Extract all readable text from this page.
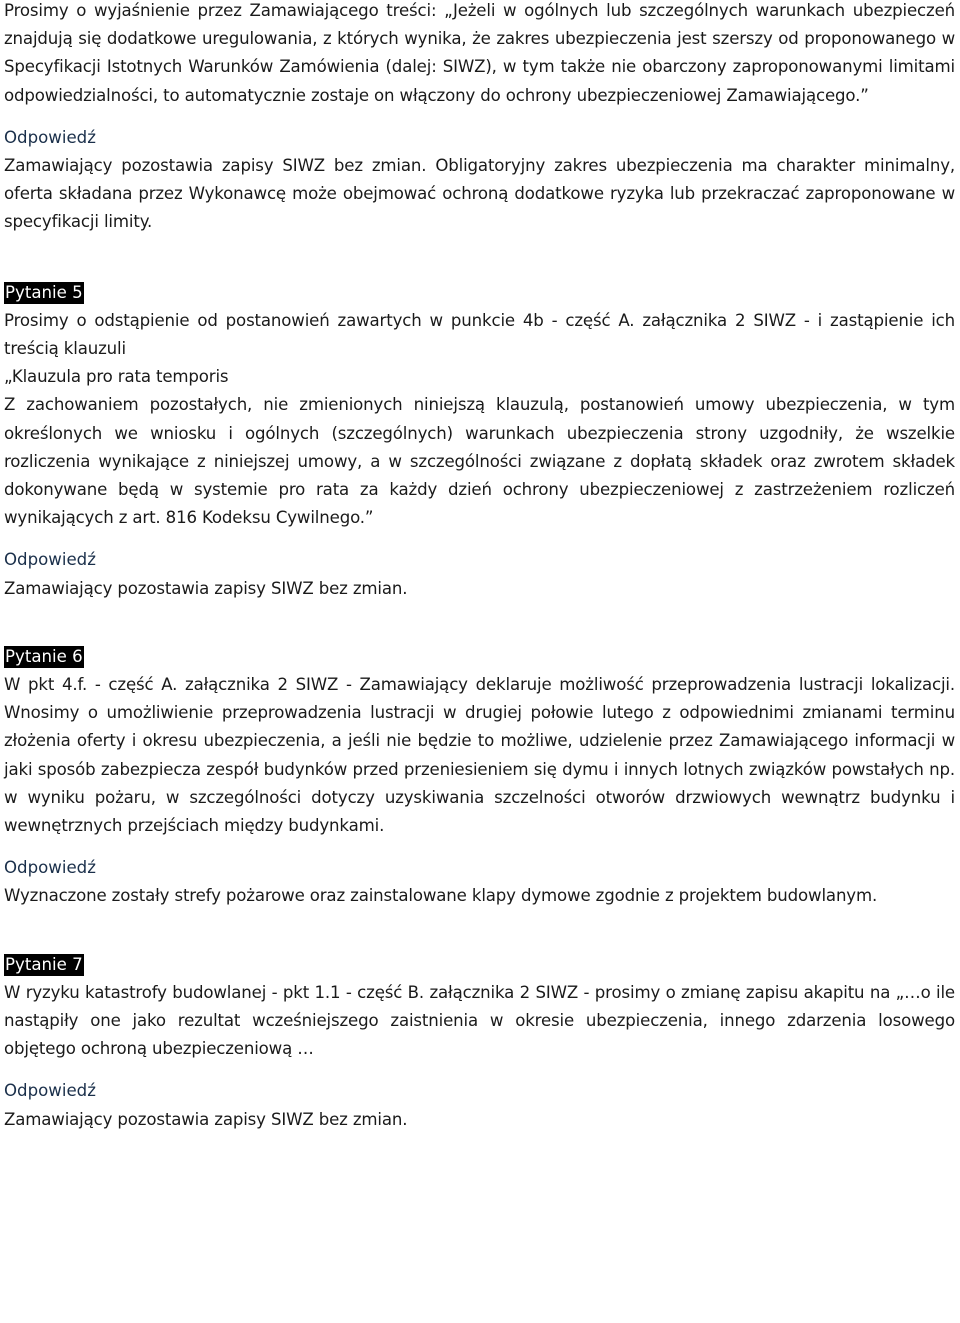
Prosimy o wyjaśnienie przez Zamawiającego treści: „Jeżeli w ogólnych lub szczególnych warunkach ubezpieczeń znajdują się dodatkowe uregulowania, z których wynika, że zakres ubezpieczenia jest szerszy od proponowanego w Specyfikacji Istotnych Warunków Zamówienia (dalej: SIWZ), w tym także nie obarczony zaproponowanymi limitami odpowiedzialności, to automatycznie zostaje on włączony do ochrony ubezpieczeniowej Zamawiającego.”

Odpowiedź

Zamawiający pozostawia zapisy SIWZ bez zmian. Obligatoryjny zakres ubezpieczenia ma charakter minimalny, oferta składana przez Wykonawcę może obejmować ochroną dodatkowe ryzyka lub przekraczać zaproponowane w specyfikacji limity.

Pytanie 5

Prosimy o odstąpienie od postanowień zawartych w punkcie 4b - część A. załącznika 2 SIWZ - i zastąpienie ich treścią klauzuli

„Klauzula pro rata temporis

Z zachowaniem pozostałych, nie zmienionych niniejszą klauzulą, postanowień umowy ubezpieczenia, w tym określonych we wniosku i ogólnych (szczególnych) warunkach ubezpieczenia strony uzgodniły, że wszelkie rozliczenia wynikające z niniejszej umowy, a w szczególności związane z dopłatą składek oraz zwrotem składek dokonywane będą w systemie pro rata za każdy dzień ochrony ubezpieczeniowej z zastrzeżeniem rozliczeń wynikających z art. 816 Kodeksu Cywilnego.”

Odpowiedź

Zamawiający pozostawia zapisy SIWZ bez zmian.

Pytanie 6

W pkt 4.f. - część A. załącznika 2 SIWZ - Zamawiający deklaruje możliwość przeprowadzenia lustracji lokalizacji. Wnosimy o umożliwienie przeprowadzenia lustracji w drugiej połowie lutego z odpowiednimi zmianami terminu złożenia oferty i okresu ubezpieczenia, a jeśli nie będzie to możliwe, udzielenie przez Zamawiającego informacji w jaki sposób zabezpiecza zespół budynków przed przeniesieniem się dymu i innych lotnych związków powstałych np. w wyniku pożaru, w szczególności dotyczy uzyskiwania szczelności otworów drzwiowych wewnątrz budynku i wewnętrznych przejściach między budynkami.

Odpowiedź

Wyznaczone zostały strefy pożarowe oraz zainstalowane klapy dymowe zgodnie z projektem budowlanym.

Pytanie 7

W ryzyku katastrofy budowlanej - pkt 1.1 - część B. załącznika 2 SIWZ - prosimy o zmianę zapisu akapitu na „…o ile nastąpiły one jako rezultat wcześniejszego zaistnienia w okresie ubezpieczenia, innego zdarzenia losowego objętego ochroną ubezpieczeniową …

Odpowiedź

Zamawiający pozostawia zapisy SIWZ bez zmian.
